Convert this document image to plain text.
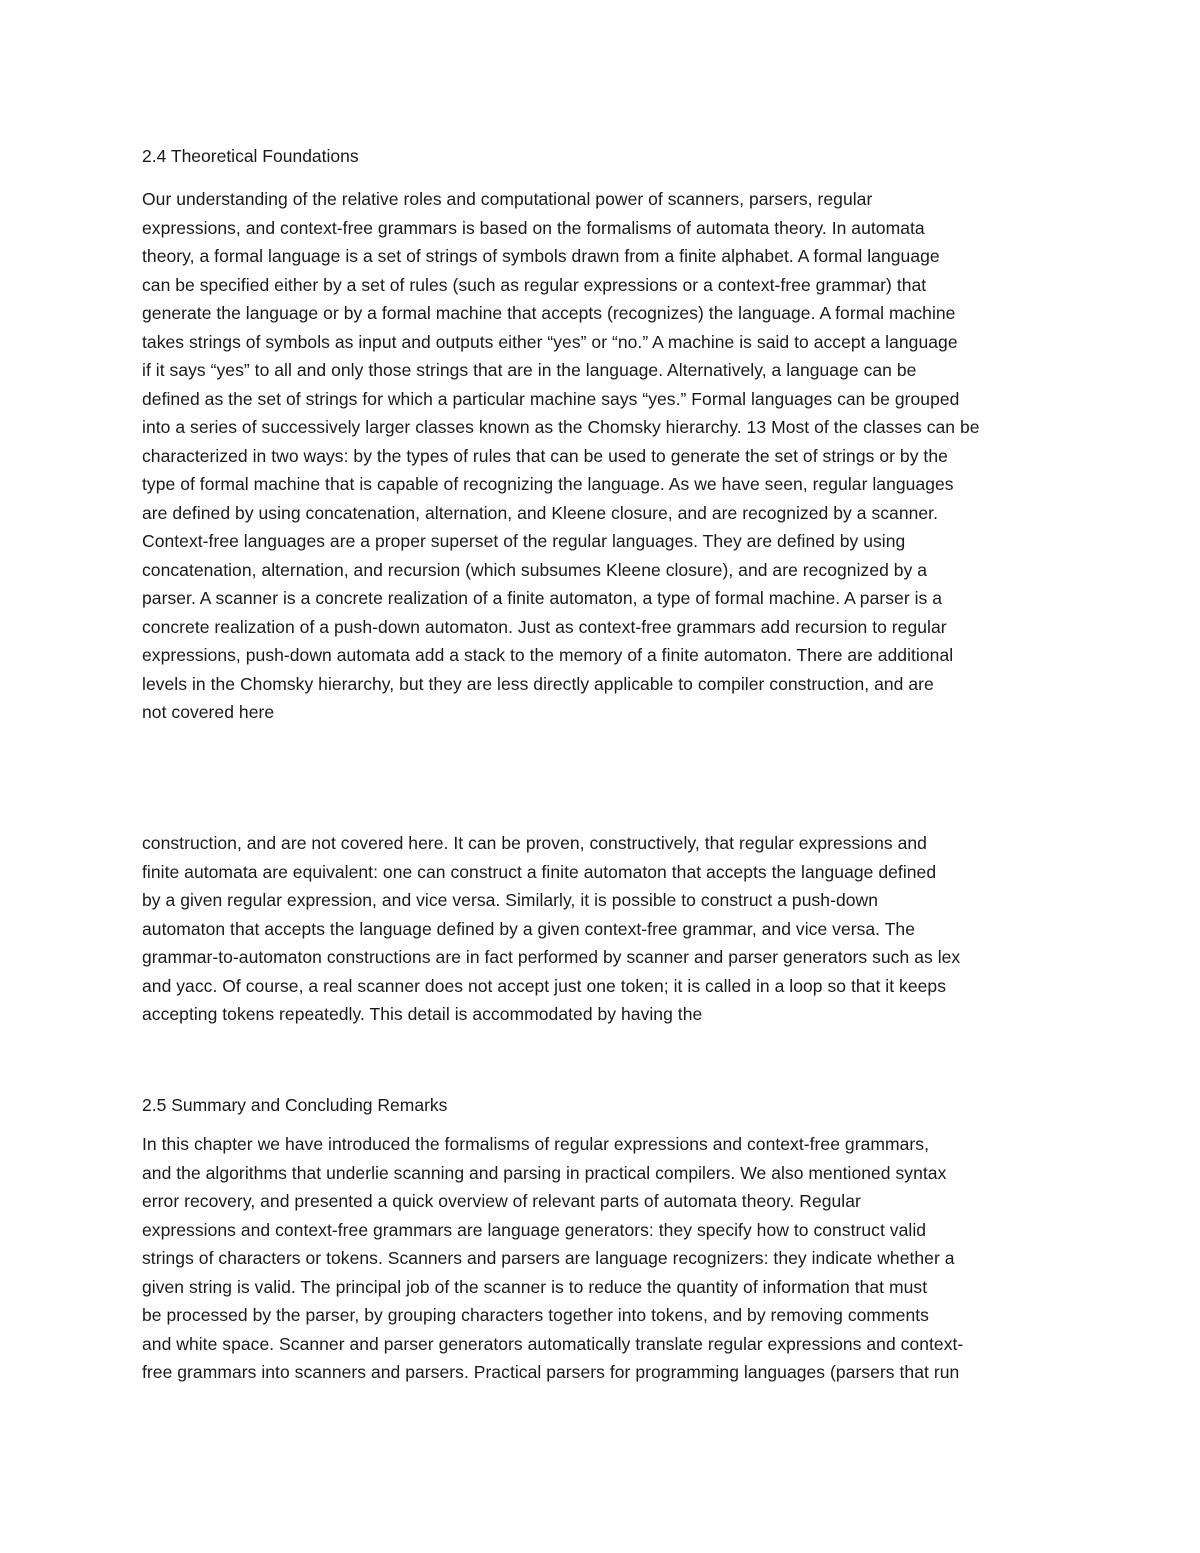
2.4 Theoretical Foundations

Our understanding of the relative roles and computational power of scanners, parsers, regular
expressions, and context-free grammars is based on the formalisms of automata theory. In automata
theory, a formal language is a set of strings of symbols drawn from a finite alphabet. A formal language
can be specified either by a set of rules (such as regular expressions or a context-free grammar) that
generate the language or by a formal machine that accepts (recognizes) the language. A formal machine
takes strings of symbols as input and outputs either “yes” or “no.” A machine is said to accept a language
if it says “yes” to all and only those strings that are in the language. Alternatively, a language can be
defined as the set of strings for which a particular machine says “yes.” Formal languages can be grouped
into a series of successively larger classes known as the Chomsky hierarchy. 13 Most of the classes can be
characterized in two ways: by the types of rules that can be used to generate the set of strings or by the
type of formal machine that is capable of recognizing the language. As we have seen, regular languages
are defined by using concatenation, alternation, and Kleene closure, and are recognized by a scanner.
Context-free languages are a proper superset of the regular languages. They are defined by using
concatenation, alternation, and recursion (which subsumes Kleene closure), and are recognized by a
parser. A scanner is a concrete realization of a finite automaton, a type of formal machine. A parser is a
concrete realization of a push-down automaton. Just as context-free grammars add recursion to regular
expressions, push-down automata add a stack to the memory of a finite automaton. There are additional
levels in the Chomsky hierarchy, but they are less directly applicable to compiler construction, and are
not covered here

construction, and are not covered here. It can be proven, constructively, that regular expressions and
finite automata are equivalent: one can construct a finite automaton that accepts the language defined
by a given regular expression, and vice versa. Similarly, it is possible to construct a push-down
automaton that accepts the language defined by a given context-free grammar, and vice versa. The
grammar-to-automaton constructions are in fact performed by scanner and parser generators such as lex
and yacc. Of course, a real scanner does not accept just one token; it is called in a loop so that it keeps
accepting tokens repeatedly. This detail is accommodated by having the

2.5 Summary and Concluding Remarks

In this chapter we have introduced the formalisms of regular expressions and context-free grammars,
and the algorithms that underlie scanning and parsing in practical compilers. We also mentioned syntax
error recovery, and presented a quick overview of relevant parts of automata theory. Regular
expressions and context-free grammars are language generators: they specify how to construct valid
strings of characters or tokens. Scanners and parsers are language recognizers: they indicate whether a
given string is valid. The principal job of the scanner is to reduce the quantity of information that must
be processed by the parser, by grouping characters together into tokens, and by removing comments
and white space. Scanner and parser generators automatically translate regular expressions and context-
free grammars into scanners and parsers. Practical parsers for programming languages (parsers that run
